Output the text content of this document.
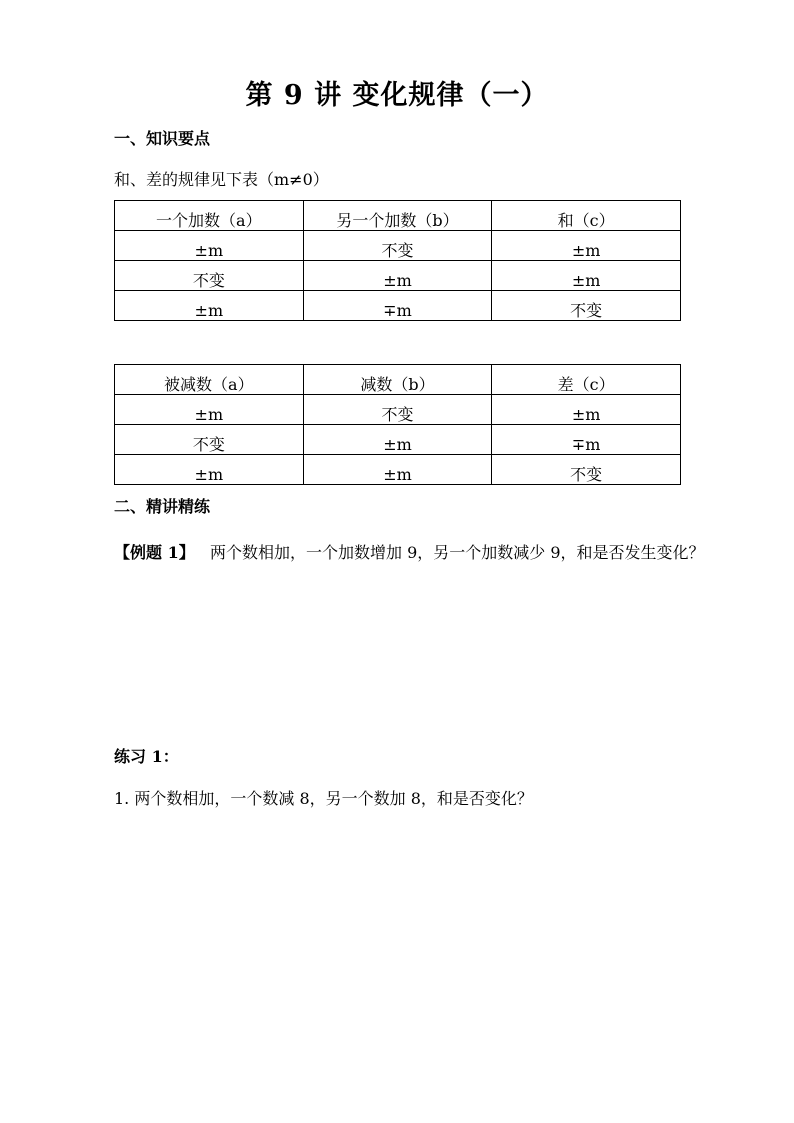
第 9 讲 变化规律（一）
一、知识要点
和、差的规律见下表（m≠0）
一个加数（a）	另一个加数（b）	和（c）
±m	不变	±m
不变	±m	±m
±m	∓m	不变
被减数（a）	减数（b）	差（c）
±m	不变	±m
不变	±m	∓m
±m	±m	不变
二、精讲精练
【例题 1】 两个数相加，一个加数增加 9，另一个加数减少 9，和是否发生变化？
练习 1：
1. 两个数相加，一个数减 8，另一个数加 8，和是否变化？
